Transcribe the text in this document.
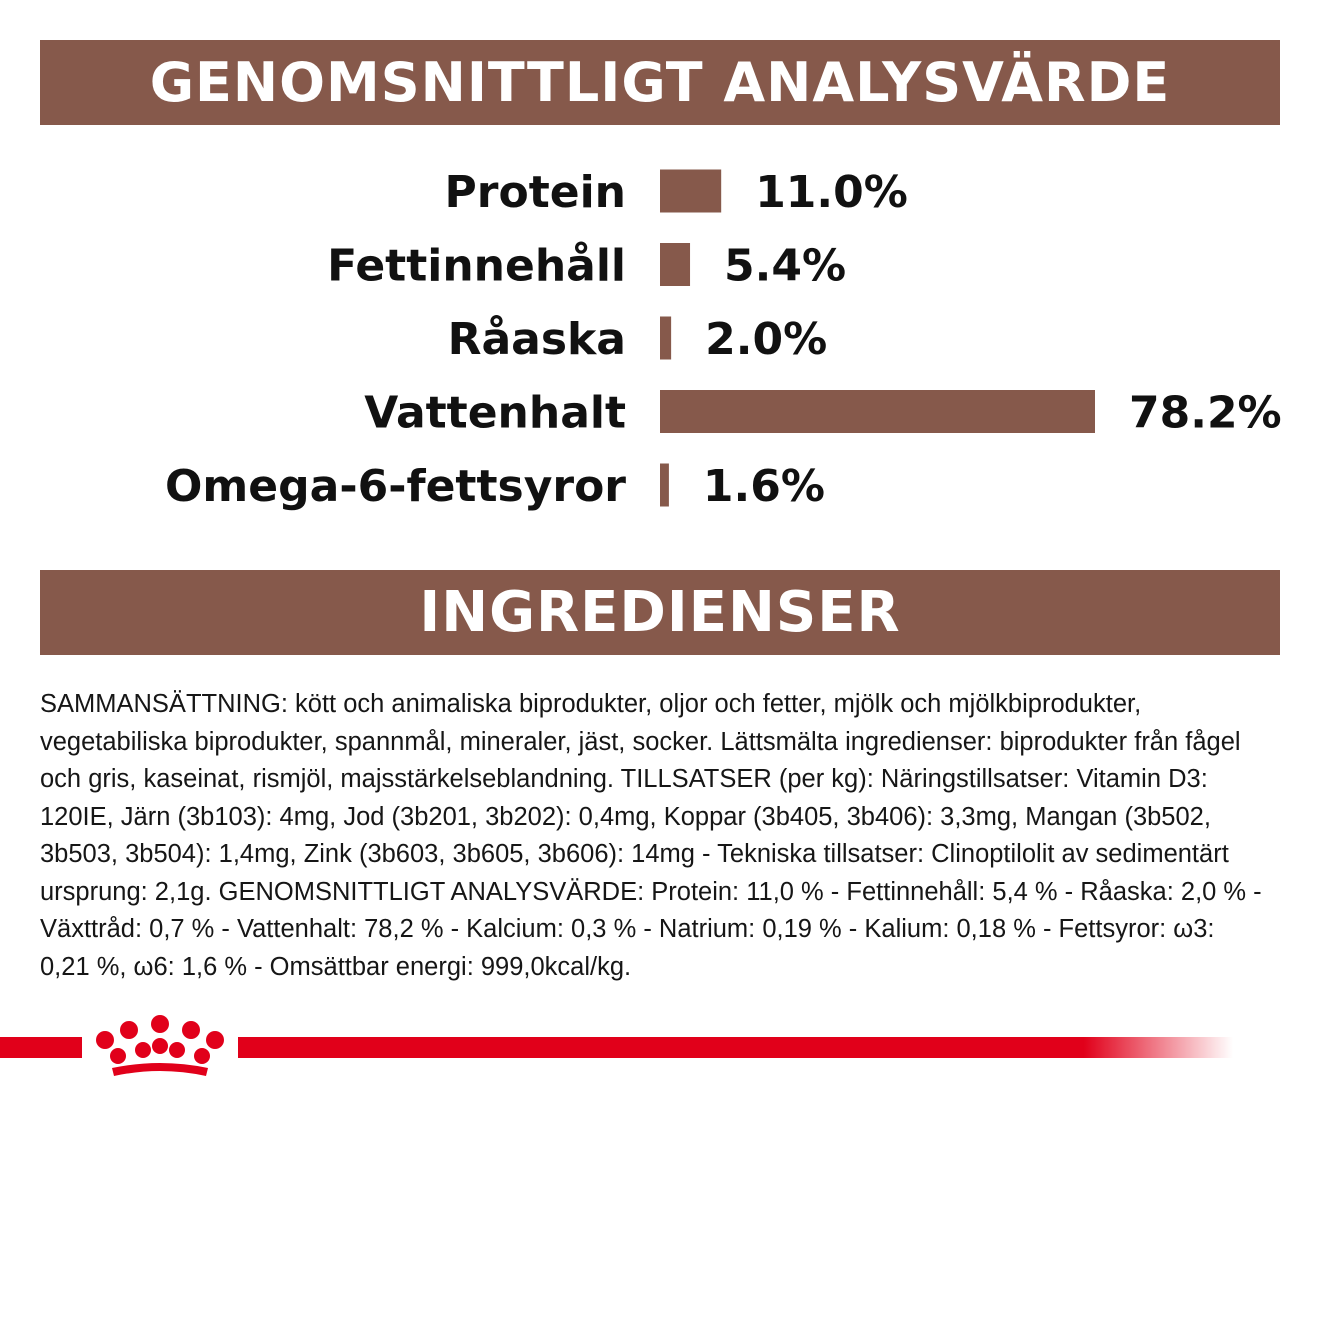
GENOMSNITTLIGT ANALYSVÄRDE
Protein	11.0%
Fettinnehåll 5.4%
Råaska 2.0%
Vattenhalt	78.2%
Omega-6-fettsyror 1.6%
INGREDIENSER
SAMMANSÄTTNING: kött och animaliska biprodukter, oljor och fetter, mjölk och mjölkbiprodukter, vegetabiliska biprodukter, spannmål, mineraler, jäst, socker. Lättsmälta ingredienser: biprodukter från fågel och gris, kaseinat, rismjöl, majsstärkelseblandning. TILLSATSER (per kg): Näringstillsatser: Vitamin D3: 120IE, Järn (3b103): 4mg, Jod (3b201, 3b202): 0,4mg, Koppar (3b405, 3b406): 3,3mg, Mangan (3b502, 3b503, 3b504): 1,4mg, Zink (3b603, 3b605, 3b606): 14mg - Tekniska tillsatser: Clinoptilolit av sedimentärt ursprung: 2,1g. GENOMSNITTLIGT ANALYSVÄRDE: Protein: 11,0 % - Fettinnehåll: 5,4 % - Råaska: 2,0 % - Växttråd: 0,7 % - Vattenhalt: 78,2 % - Kalcium: 0,3 % - Natrium: 0,19 % - Kalium: 0,18 % - Fettsyror: ω3: 0,21 %, ω6: 1,6 % - Omsättbar energi: 999,0kcal/kg.
